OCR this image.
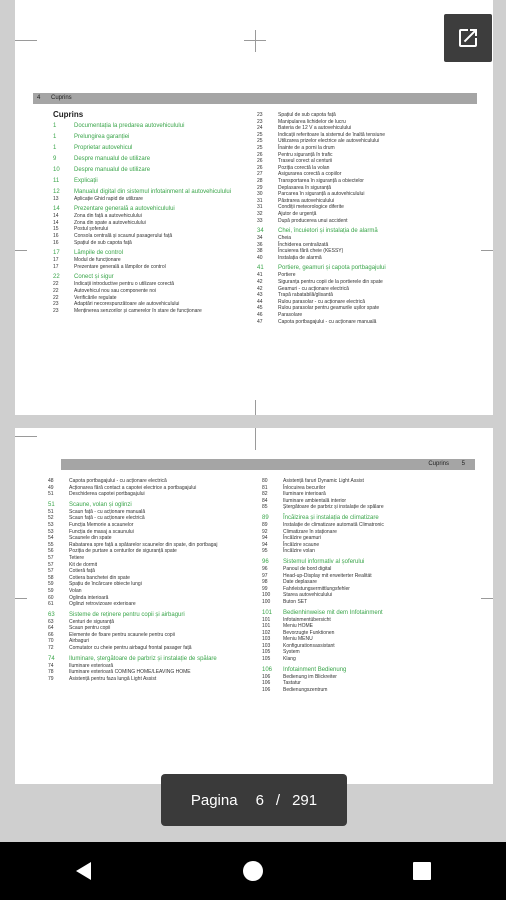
4 Cuprins
Cuprins
1	Documentația la predarea autovehiculului
1	Prelungirea garanției
1	Proprietar autovehicul
9	Despre manualul de utilizare
10	Despre manualul de utilizare
11	Explicații
12	Manualul digital din sistemul infotainment al autovehiculului
13	Aplicație Ghid rapid de utilizare
14	Prezentare generală a autovehiculului
14	Zona din față a autovehiculului
14	Zona din spate a autovehiculului
15	Postul șoferului
16	Consola centrală și scaunul pasagerului față
16	Spațiul de sub capota față
17	Lămpile de control
17	Modul de funcționare
17	Prezentare generală a lămpilor de control
22	Conect și sigur
22	Indicații introductive pentru o utilizare corectă
22	Autovehicul nou sau componente noi
22	Verificările regulate
23	Adaptări necorespunzătoare ale autovehiculului
23	Menținerea senzorilor și camerelor în stare de funcționare
23	Spațiul de sub capota față
23	Manipularea lichidelor de lucru
24	Bateria de 12 V a autovehiculului
25	Indicații referitoare la sistemul de înaltă tensiune
25	Utilizarea prizelor electrice ale autovehiculului
25	Înainte de a porni la drum
26	Pentru siguranță în trafic
26	Traseul corect al centurii
26	Poziția corectă la volan
27	Asigurarea corectă a copiilor
28	Transportarea în siguranță a obiectelor
29	Deplasarea în siguranță
30	Parcarea în siguranță a autovehiculului
31	Păstrarea autovehiculului
31	Condiții meteorologice diferite
32	Ajutor de urgență
33	După producerea unui accident
34	Chei, încuietori și instalația de alarmă
34	Cheia
36	Închiderea centralizată
38	Încuierea fără cheie (KESSY)
40	Instalația de alarmă
41	Portiere, geamuri și capota portbagajului
41	Portiere
42	Siguranța pentru copii de la portierele din spate
42	Geamuri - cu acționare electrică
43	Trapă rabatabilă/glisantă
44	Rulou parasolar - cu acționare electrică
45	Rulou parasolar pentru geamurile ușilor spate
46	Parasolare
47	Capota portbagajului - cu acționare manuală
Cuprins 5
48	Capota portbagajului - cu acționare electrică
49	Acționarea fără contact a capotei electrice a portbagajului
51	Deschiderea capotei portbagajului
51	Scaune, volan și oglinzi
51	Scaun față - cu acționare manuală
52	Scaun față - cu acționare electrică
53	Funcția Memorie a scaunelor
53	Funcția de masaj a scaunului
54	Scaunele din spate
55	Rabatarea spre față a spătarelor scaunelor din spate, din portbagaj
56	Poziția de purtare a centurilor de siguranță spate
57	Tetiere
57	Kit de dormit
57	Cotieră față
58	Cotiera banchetei din spate
59	Spațiu de încărcare obiecte lungi
59	Volan
60	Oglinda interioară
61	Oglinzi retrovizoare exterioare
63	Sisteme de reținere pentru copii și airbaguri
63	Centuri de siguranță
64	Scaun pentru copii
66	Elemente de fixare pentru scaunele pentru copii
70	Airbaguri
72	Comutator cu cheie pentru airbagul frontal pasager față
74	Iluminare, ștergătoare de parbriz și instalație de spălare
74	Iluminare exterioară
78	Iluminare exterioară COMING HOME/LEAVING HOME
79	Asistență pentru faza lungă Light Assist
80	Asistență faruri Dynamic Light Assist
81	Înlocuirea becurilor
82	Iluminare interioară
84	Iluminare ambientală interior
85	Ștergătoare de parbriz și instalație de spălare
89	Încălzirea și instalația de climatizare
89	Instalație de climatizare automată Climatronic
92	Climatizare în staționare
94	Încălzire geamuri
94	Încălzire scaune
95	Încălzire volan
96	Sistemul informativ al șoferului
96	Panoul de bord digital
97	Head-up-Display mit erweiterter Realität
98	Date deplasare
99	Fahrleistungsermittlungsfehler
100	Starea autovehiculului
100	Buton SET
101	Bedienhinweise mit dem Infotainment
101	Infotainmentübersicht
101	Meniu HOME
102	Bevorzugte Funktionen
103	Meniu MENU
103	Konfigurationsassistant
105	System
105	Klang
106	Infotainment Bedienung
106	Bedienung im Blickreiter
106	Tastatur
106	Bedienungszentrum
Pagina 6 / 291
